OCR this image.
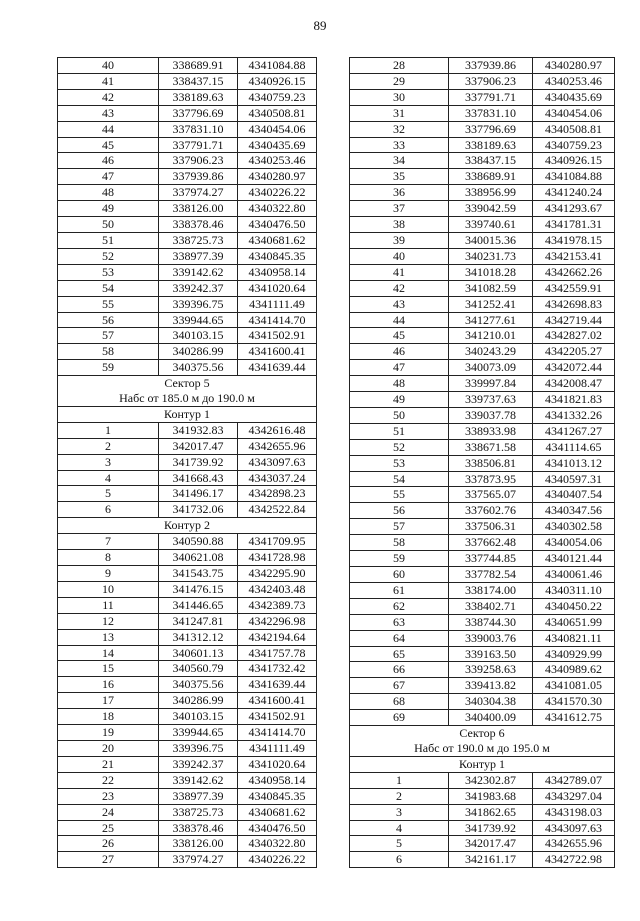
89
40	338689.91	4341084.88
41	338437.15	4340926.15
42	338189.63	4340759.23
43	337796.69	4340508.81
44	337831.10	4340454.06
45	337791.71	4340435.69
46	337906.23	4340253.46
47	337939.86	4340280.97
48	337974.27	4340226.22
49	338126.00	4340322.80
50	338378.46	4340476.50
51	338725.73	4340681.62
52	338977.39	4340845.35
53	339142.62	4340958.14
54	339242.37	4341020.64
55	339396.75	4341111.49
56	339944.65	4341414.70
57	340103.15	4341502.91
58	340286.99	4341600.41
59	340375.56	4341639.44
Сектор 5		
Набс от 185.0 м до 190.0 м		
Контур 1		
1	341932.83	4342616.48
2	342017.47	4342655.96
3	341739.92	4343097.63
4	341668.43	4343037.24
5	341496.17	4342898.23
6	341732.06	4342522.84
Контур 2		
7	340590.88	4341709.95
8	340621.08	4341728.98
9	341543.75	4342295.90
10	341476.15	4342403.48
11	341446.65	4342389.73
12	341247.81	4342296.98
13	341312.12	4342194.64
14	340601.13	4341757.78
15	340560.79	4341732.42
16	340375.56	4341639.44
17	340286.99	4341600.41
18	340103.15	4341502.91
19	339944.65	4341414.70
20	339396.75	4341111.49
21	339242.37	4341020.64
22	339142.62	4340958.14
23	338977.39	4340845.35
24	338725.73	4340681.62
25	338378.46	4340476.50
26	338126.00	4340322.80
27	337974.27	4340226.22
28	337939.86	4340280.97
29	337906.23	4340253.46
30	337791.71	4340435.69
31	337831.10	4340454.06
32	337796.69	4340508.81
33	338189.63	4340759.23
34	338437.15	4340926.15
35	338689.91	4341084.88
36	338956.99	4341240.24
37	339042.59	4341293.67
38	339740.61	4341781.31
39	340015.36	4341978.15
40	340231.73	4342153.41
41	341018.28	4342662.26
42	341082.59	4342559.91
43	341252.41	4342698.83
44	341277.61	4342719.44
45	341210.01	4342827.02
46	340243.29	4342205.27
47	340073.09	4342072.44
48	339997.84	4342008.47
49	339737.63	4341821.83
50	339037.78	4341332.26
51	338933.98	4341267.27
52	338671.58	4341114.65
53	338506.81	4341013.12
54	337873.95	4340597.31
55	337565.07	4340407.54
56	337602.76	4340347.56
57	337506.31	4340302.58
58	337662.48	4340054.06
59	337744.85	4340121.44
60	337782.54	4340061.46
61	338174.00	4340311.10
62	338402.71	4340450.22
63	338744.30	4340651.99
64	339003.76	4340821.11
65	339163.50	4340929.99
66	339258.63	4340989.62
67	339413.82	4341081.05
68	340304.38	4341570.30
69	340400.09	4341612.75
Сектор 6		
Набс от 190.0 м до 195.0 м		
Контур 1		
1	342302.87	4342789.07
2	341983.68	4343297.04
3	341862.65	4343198.03
4	341739.92	4343097.63
5	342017.47	4342655.96
6	342161.17	4342722.98
